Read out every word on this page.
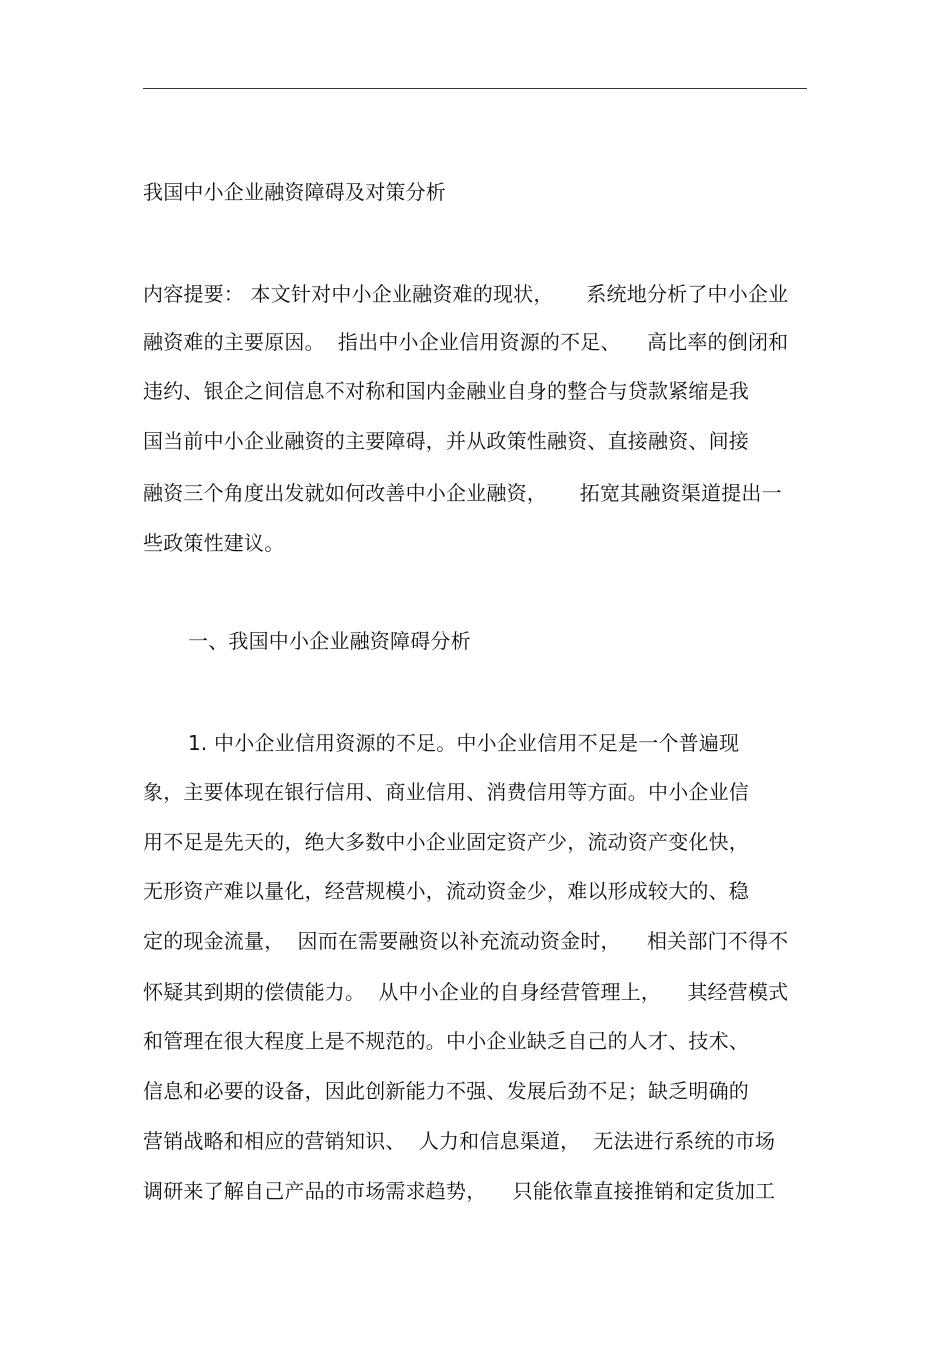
我国中小企业融资障碍及对策分析
内容提要： 本文针对中小企业融资难的现状，     系统地分析了中小企业
融资难的主要原因。  指出中小企业信用资源的不足、    高比率的倒闭和
违约、银企之间信息不对称和国内金融业自身的整合与贷款紧缩是我
国当前中小企业融资的主要障碍，并从政策性融资、直接融资、间接
融资三个角度出发就如何改善中小企业融资，     拓宽其融资渠道提出一
些政策性建议。
一、我国中小企业融资障碍分析
1. 中小企业信用资源的不足。中小企业信用不足是一个普遍现
象，主要体现在银行信用、商业信用、消费信用等方面。中小企业信
用不足是先天的，绝大多数中小企业固定资产少，流动资产变化快，
无形资产难以量化，经营规模小，流动资金少，难以形成较大的、稳
定的现金流量，  因而在需要融资以补充流动资金时，    相关部门不得不
怀疑其到期的偿债能力。  从中小企业的自身经营管理上，    其经营模式
和管理在很大程度上是不规范的。中小企业缺乏自己的人才、技术、
信息和必要的设备，因此创新能力不强、发展后劲不足；缺乏明确的
营销战略和相应的营销知识、  人力和信息渠道，  无法进行系统的市场
调研来了解自己产品的市场需求趋势，    只能依靠直接推销和定货加工
